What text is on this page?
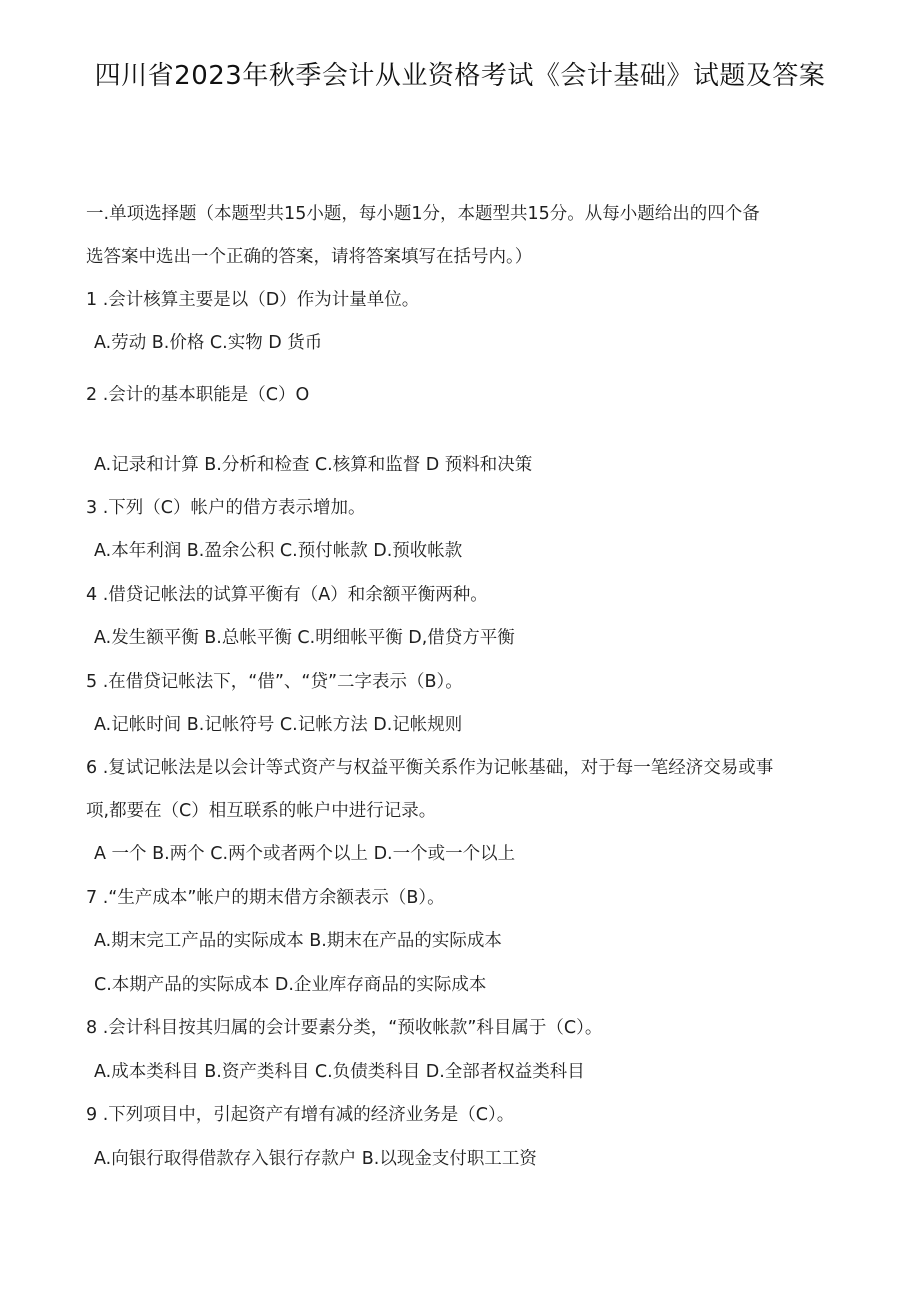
四川省2023年秋季会计从业资格考试《会计基础》试题及答案
一.单项选择题（本题型共15小题，每小题1分，本题型共15分。从每小题给出的四个备
选答案中选出一个正确的答案，请将答案填写在括号内。）
1 .会计核算主要是以（D）作为计量单位。
A.劳动 B.价格 C.实物 D 货币
2 .会计的基本职能是（C）O
A.记录和计算 B.分析和检查 C.核算和监督 D 预料和决策
3 .下列（C）帐户的借方表示增加。
A.本年利润 B.盈余公积 C.预付帐款 D.预收帐款
4 .借贷记帐法的试算平衡有（A）和余额平衡两种。
A.发生额平衡 B.总帐平衡 C.明细帐平衡 D,借贷方平衡
5 .在借贷记帐法下，“借”、“贷”二字表示（B）。
A.记帐时间 B.记帐符号 C.记帐方法 D.记帐规则
6 .复试记帐法是以会计等式资产与权益平衡关系作为记帐基础，对于每一笔经济交易或事
项,都要在（C）相互联系的帐户中进行记录。
A 一个 B.两个 C.两个或者两个以上 D.一个或一个以上
7 .“生产成本”帐户的期末借方余额表示（B）。
A.期末完工产品的实际成本 B.期末在产品的实际成本
C.本期产品的实际成本 D.企业库存商品的实际成本
8 .会计科目按其归属的会计要素分类，“预收帐款”科目属于（C）。
A.成本类科目 B.资产类科目 C.负债类科目 D.全部者权益类科目
9 .下列项目中，引起资产有增有减的经济业务是（C）。
A.向银行取得借款存入银行存款户 B.以现金支付职工工资
